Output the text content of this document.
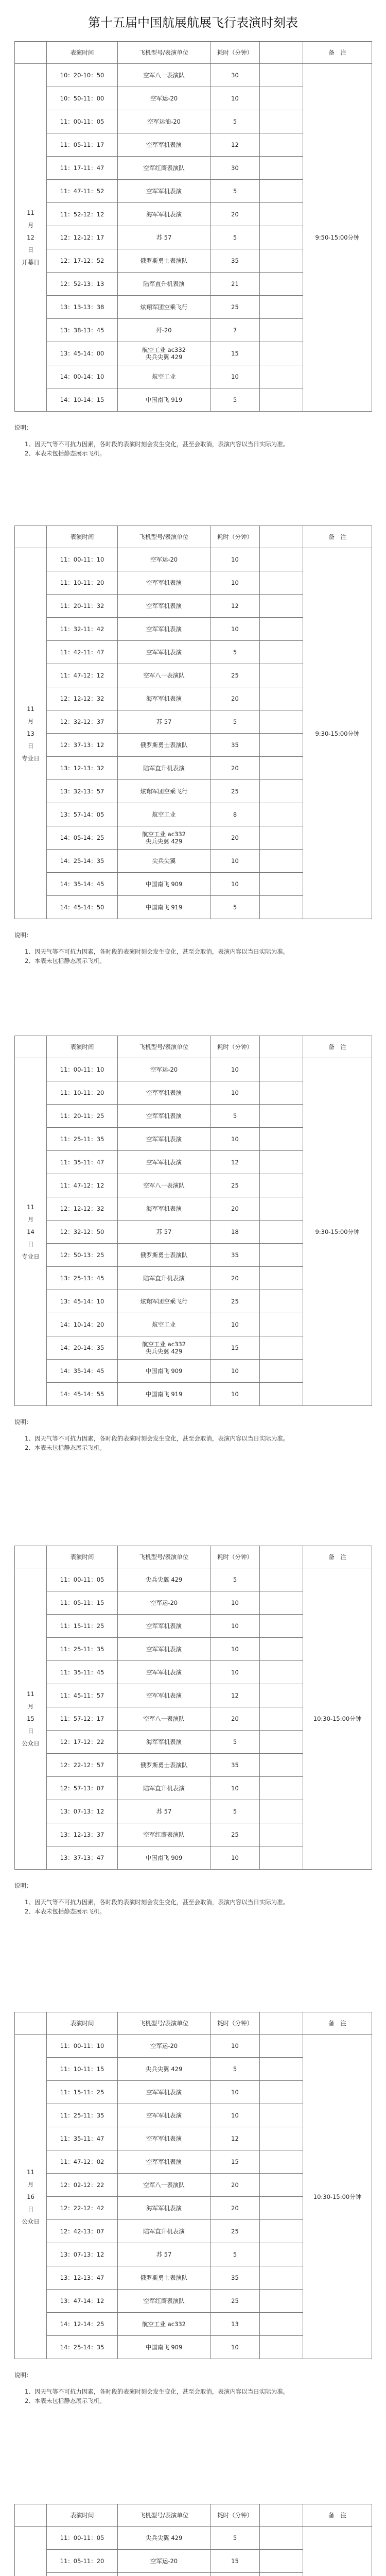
第十五届中国航展航展飞行表演时刻表
	表演时间	飞机型号/表演单位	耗时（分钟）		备　注

11
月
12
日
开幕日	10：20-10：50	空军八一表演队	30		9:50-15:00分钟
	10：50-11：00	空军运-20	10		
	11：00-11：05	空军运油-20	5		
	11：05-11：17	空军军机表演	12		
	11：17-11：47	空军红鹰表演队	30		
	11：47-11：52	空军军机表演	5		
	11：52-12：12	海军军机表演	20		
	12：12-12：17	苏 57	5		
	12：17-12：52	俄罗斯勇士表演队	35		
	12：52-13：13	陆军直升机表演	21		
	13：13-13：38	炫翔军团空乘飞行	25		
	13：38-13：45	歼-20	7		
	13：45-14：00	航空工业 ac332
尖兵尖翼 429	15		
	14：00-14：10	航空工业	10		
	14：10-14：15	中国南飞 919	5		

说明：

1、因天气等不可抗力因素，各时段的表演时刻会发生变化，甚至会取消，表演内容以当日实际为准。

2、本表未包括静态展示飞机。

	表演时间	飞机型号/表演单位	耗时（分钟）		备　注

11
月
13
日
专业日	11：00-11：10	空军运-20	10		9:30-15:00分钟
	11：10-11：20	空军军机表演	10		
	11：20-11：32	空军军机表演	12		
	11：32-11：42	空军军机表演	10		
	11：42-11：47	空军军机表演	5		
	11：47-12：12	空军八一表演队	25		
	12：12-12：32	海军军机表演	20		
	12：32-12：37	苏 57	5		
	12：37-13：12	俄罗斯勇士表演队	35		
	13：12-13：32	陆军直升机表演	20		
	13：32-13：57	炫翔军团空乘飞行	25		
	13：57-14：05	航空工业	8		
	14：05-14：25	航空工业 ac332
尖兵尖翼 429	20		
	14：25-14：35	尖兵尖翼	10		
	14：35-14：45	中国南飞 909	10		
	14：45-14：50	中国南飞 919	5		

说明：

1、因天气等不可抗力因素，各时段的表演时刻会发生变化，甚至会取消，表演内容以当日实际为准。

2、本表未包括静态展示飞机。

	表演时间	飞机型号/表演单位	耗时（分钟）		备　注

11
月
14
日
专业日	11：00-11：10	空军运-20	10		9:30-15:00分钟
	11：10-11：20	空军军机表演	10		
	11：20-11：25	空军军机表演	5		
	11：25-11：35	空军军机表演	10		
	11：35-11：47	空军军机表演	12		
	11：47-12：12	空军八一表演队	25		
	12：12-12：32	海军军机表演	20		
	12：32-12：50	苏 57	18		
	12：50-13：25	俄罗斯勇士表演队	35		
	13：25-13：45	陆军直升机表演	20		
	13：45-14：10	炫翔军团空乘飞行	25		
	14：10-14：20	航空工业	10		
	14：20-14：35	航空工业 ac332
尖兵尖翼 429	15		
	14：35-14：45	中国南飞 909	10		
	14：45-14：55	中国南飞 919	10		

说明：

1、因天气等不可抗力因素，各时段的表演时刻会发生变化，甚至会取消，表演内容以当日实际为准。

2、本表未包括静态展示飞机。

	表演时间	飞机型号/表演单位	耗时（分钟）		备　注

11
月
15
日
公众日	11：00-11：05	尖兵尖翼 429	5		10:30-15:00分钟
	11：05-11：15	空军运-20	10		
	11：15-11：25	空军军机表演	10		
	11：25-11：35	空军军机表演	10		
	11：35-11：45	空军军机表演	10		
	11：45-11：57	空军军机表演	12		
	11：57-12：17	空军八一表演队	20		
	12：17-12：22	海军军机表演	5		
	12：22-12：57	俄罗斯勇士表演队	35		
	12：57-13：07	陆军直升机表演	10		
	13：07-13：12	苏 57	5		
	13：12-13：37	空军红鹰表演队	25		
	13：37-13：47	中国南飞 909	10		

说明：

1、因天气等不可抗力因素，各时段的表演时刻会发生变化，甚至会取消，表演内容以当日实际为准。

2、本表未包括静态展示飞机。

	表演时间	飞机型号/表演单位	耗时（分钟）		备　注

11
月
16
日
公众日	11：00-11：10	空军运-20	10		10:30-15:00分钟
	11：10-11：15	尖兵尖翼 429	5		
	11：15-11：25	空军军机表演	10		
	11：25-11：35	空军军机表演	10		
	11：35-11：47	空军军机表演	12		
	11：47-12：02	空军军机表演	15		
	12：02-12：22	空军八一表演队	20		
	12：22-12：42	海军军机表演	20		
	12：42-13：07	陆军直升机表演	25		
	13：07-13：12	苏 57	5		
	13：12-13：47	俄罗斯勇士表演队	35		
	13：47-14：12	空军红鹰表演队	25		
	14：12-14：25	航空工业 ac332	13		
	14：25-14：35	中国南飞 909	10		

说明：

1、因天气等不可抗力因素，各时段的表演时刻会发生变化，甚至会取消，表演内容以当日实际为准。

2、本表未包括静态展示飞机。

	表演时间	飞机型号/表演单位	耗时（分钟）		备　注

	11：00-11：05	尖兵尖翼 429	5		
	11：05-11：20	空军运-20	15		
